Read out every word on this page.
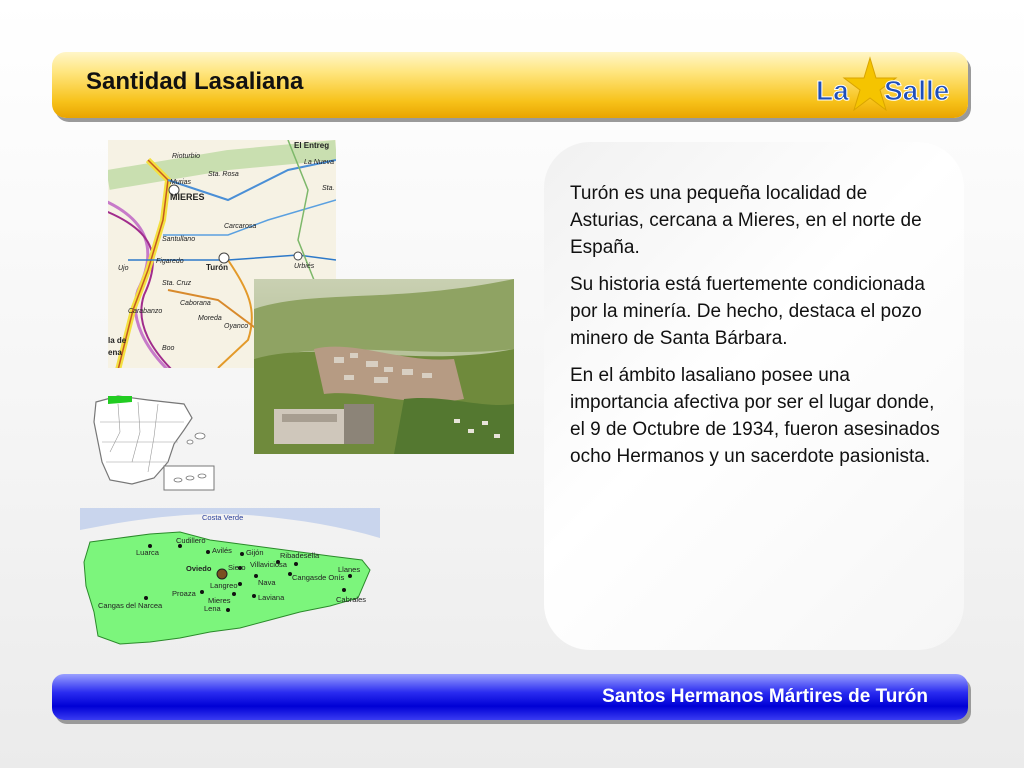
Santidad Lasaliana	La Salle
El Entreg
Rioturbio
La Nueva
Murias
Sta. Rosa
MIERES
Sta.
Carcarosa
Santullano
Figaredo
Turón	Urbiés
Ujo
Sta. Cruz
Caborana
Carabanzo
Moreda
Oyanco
la de
ena	Boo
Costa Verde
Luarca
Cudillero
Avilés Gijón Ribadesella
Oviedo Siero Villaviciosa
Llanes
Langreo	Nava
Cangas
Proaza
Mieres	Laviana	Cabrales
Cangas del Narcea	Lena
de Onís

Turón es una pequeña localidad de Asturias, cercana a Mieres, en el norte de España.

Su historia está fuertemente condicionada por la minería. De hecho, destaca el pozo minero de Santa Bárbara.

En el ámbito lasaliano posee una importancia afectiva por ser el lugar donde, el 9 de Octubre de 1934, fueron asesinados ocho Hermanos y un sacerdote pasionista.

Santos Hermanos Mártires de Turón
